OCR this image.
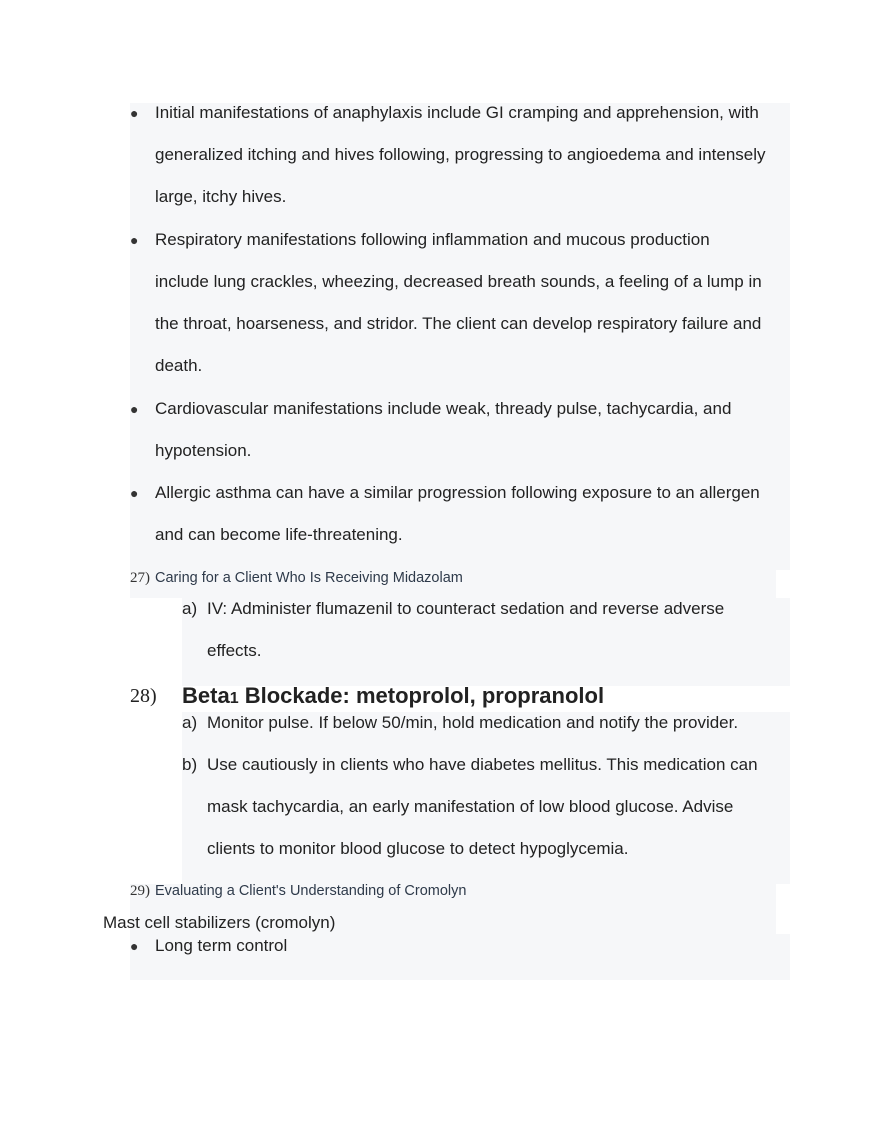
● Initial manifestations of anaphylaxis include GI cramping and apprehension, with
generalized itching and hives following, progressing to angioedema and intensely
large, itchy hives.
● Respiratory manifestations following inflammation and mucous production
include lung crackles, wheezing, decreased breath sounds, a feeling of a lump in
the throat, hoarseness, and stridor. The client can develop respiratory failure and
death.
● Cardiovascular manifestations include weak, thready pulse, tachycardia, and
hypotension.
● Allergic asthma can have a similar progression following exposure to an allergen
and can become life-threatening.
27) Caring for a Client Who Is Receiving Midazolam
a) IV: Administer flumazenil to counteract sedation and reverse adverse
effects.
28) Beta1 Blockade: metoprolol, propranolol
a) Monitor pulse. If below 50/min, hold medication and notify the provider.
b) Use cautiously in clients who have diabetes mellitus. This medication can
mask tachycardia, an early manifestation of low blood glucose. Advise
clients to monitor blood glucose to detect hypoglycemia.
29) Evaluating a Client's Understanding of Cromolyn
Mast cell stabilizers (cromolyn)
● Long term control
